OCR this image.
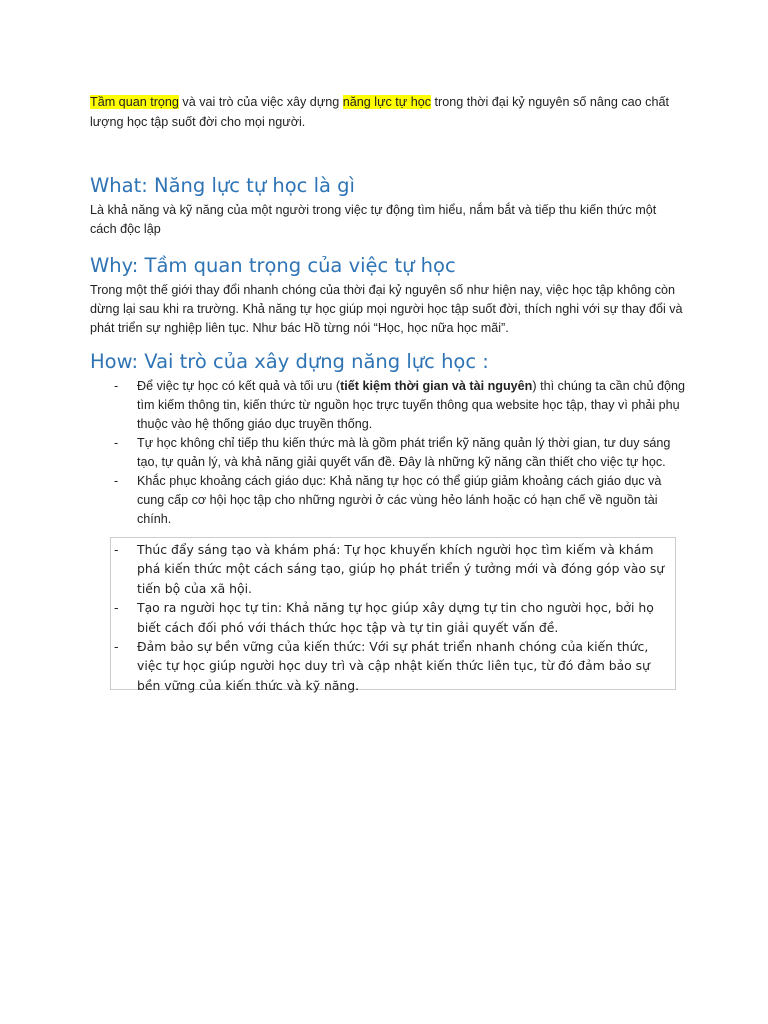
Tầm quan trọng và vai trò của việc xây dựng năng lực tự học trong thời đại kỷ nguyên số nâng cao chất lượng học tập suốt đời cho mọi người.

What: Năng lực tự học là gì

Là khả năng và kỹ năng của một người trong việc tự động tìm hiểu, nắm bắt và tiếp thu kiến thức một cách độc lập

Why: Tầm quan trọng của việc tự học

Trong một thế giới thay đổi nhanh chóng của thời đại kỷ nguyên số như hiện nay, việc học tập không còn dừng lại sau khi ra trường. Khả năng tự học giúp mọi người học tập suốt đời, thích nghi với sự thay đổi và phát triển sự nghiệp liên tục. Như bác Hồ từng nói “Học, học nữa học mãi”.

How: Vai trò của xây dựng năng lực học :
- Để việc tự học có kết quả và tối ưu (tiết kiệm thời gian và tài nguyên) thì chúng ta cần chủ động tìm kiếm thông tin, kiến thức từ nguồn học trực tuyến thông qua website học tập, thay vì phải phụ thuộc vào hệ thống giáo dục truyền thống.
- Tự học không chỉ tiếp thu kiến thức mà là gồm phát triển kỹ năng quản lý thời gian, tư duy sáng tạo, tự quản lý, và khả năng giải quyết vấn đề. Đây là những kỹ năng cần thiết cho việc tự học.
- Khắc phục khoảng cách giáo dục: Khả năng tự học có thể giúp giảm khoảng cách giáo dục và cung cấp cơ hội học tập cho những người ở các vùng hẻo lánh hoặc có hạn chế về nguồn tài chính.
- Thúc đẩy sáng tạo và khám phá: Tự học khuyến khích người học tìm kiếm và khám phá kiến thức một cách sáng tạo, giúp họ phát triển ý tưởng mới và đóng góp vào sự tiến bộ của xã hội.
- Tạo ra người học tự tin: Khả năng tự học giúp xây dựng tự tin cho người học, bởi họ biết cách đối phó với thách thức học tập và tự tin giải quyết vấn đề.
- Đảm bảo sự bền vững của kiến thức: Với sự phát triển nhanh chóng của kiến thức, việc tự học giúp người học duy trì và cập nhật kiến thức liên tục, từ đó đảm bảo sự bền vững của kiến thức và kỹ năng.
